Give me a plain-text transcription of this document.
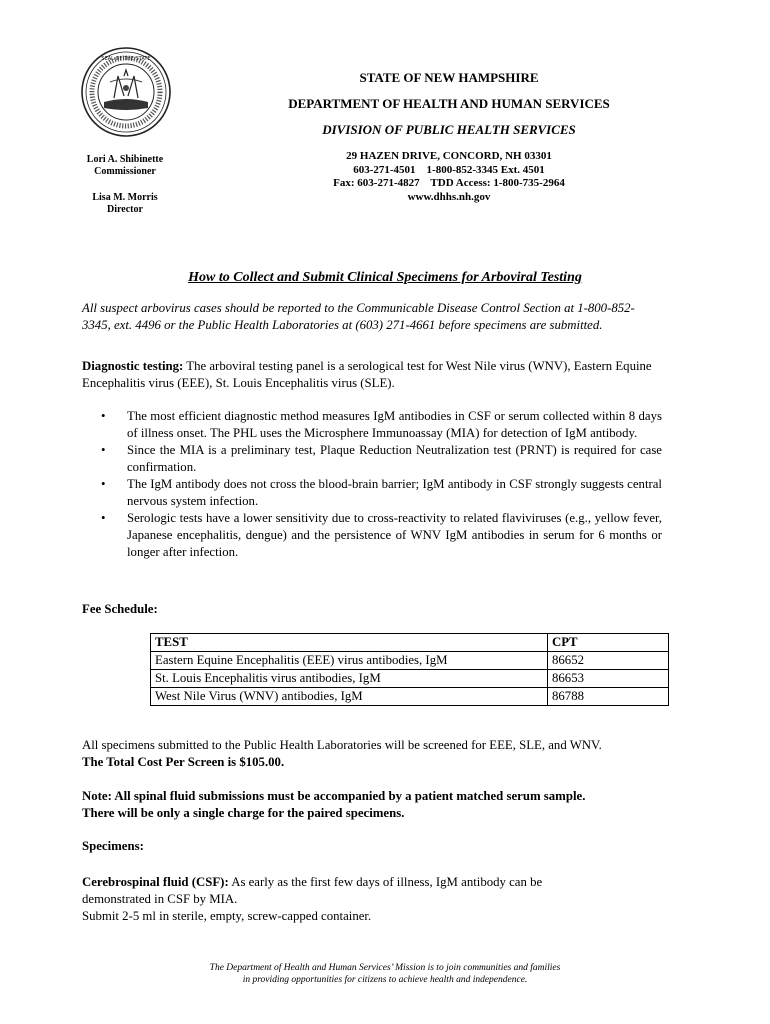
SEAL OF THE STATE
STATE OF NEW HAMPSHIRE
DEPARTMENT OF HEALTH AND HUMAN SERVICES
DIVISION OF PUBLIC HEALTH SERVICES
29 HAZEN DRIVE, CONCORD, NH 03301
603-271-4501    1-800-852-3345 Ext. 4501
Fax: 603-271-4827    TDD Access: 1-800-735-2964
www.dhhs.nh.gov
Lori A. Shibinette
Commissioner
Lisa M. Morris
Director
How to Collect and Submit Clinical Specimens for Arboviral Testing
All suspect arbovirus cases should be reported to the Communicable Disease Control Section at 1-800-852-3345, ext. 4496 or the Public Health Laboratories at (603) 271-4661 before specimens are submitted.
Diagnostic testing: The arboviral testing panel is a serological test for West Nile virus (WNV), Eastern Equine Encephalitis virus (EEE), St. Louis Encephalitis virus (SLE).
• The most efficient diagnostic method measures IgM antibodies in CSF or serum collected within 8 days of illness onset. The PHL uses the Microsphere Immunoassay (MIA) for detection of IgM antibody.
• Since the MIA is a preliminary test, Plaque Reduction Neutralization test (PRNT) is required for case confirmation.
• The IgM antibody does not cross the blood-brain barrier; IgM antibody in CSF strongly suggests central nervous system infection.
• Serologic tests have a lower sensitivity due to cross-reactivity to related flaviviruses (e.g., yellow fever, Japanese encephalitis, dengue) and the persistence of WNV IgM antibodies in serum for 6 months or longer after infection.
Fee Schedule:
TEST	CPT
Eastern Equine Encephalitis (EEE) virus antibodies, IgM	86652
St. Louis Encephalitis virus antibodies, IgM	86653
West Nile Virus (WNV) antibodies, IgM	86788
All specimens submitted to the Public Health Laboratories will be screened for EEE, SLE, and WNV.
The Total Cost Per Screen is $105.00.
Note: All spinal fluid submissions must be accompanied by a patient matched serum sample. There will be only a single charge for the paired specimens.
Specimens:
Cerebrospinal fluid (CSF): As early as the first few days of illness, IgM antibody can be demonstrated in CSF by MIA.
Submit 2-5 ml in sterile, empty, screw-capped container.
The Department of Health and Human Services’ Mission is to join communities and families
in providing opportunities for citizens to achieve health and independence.
